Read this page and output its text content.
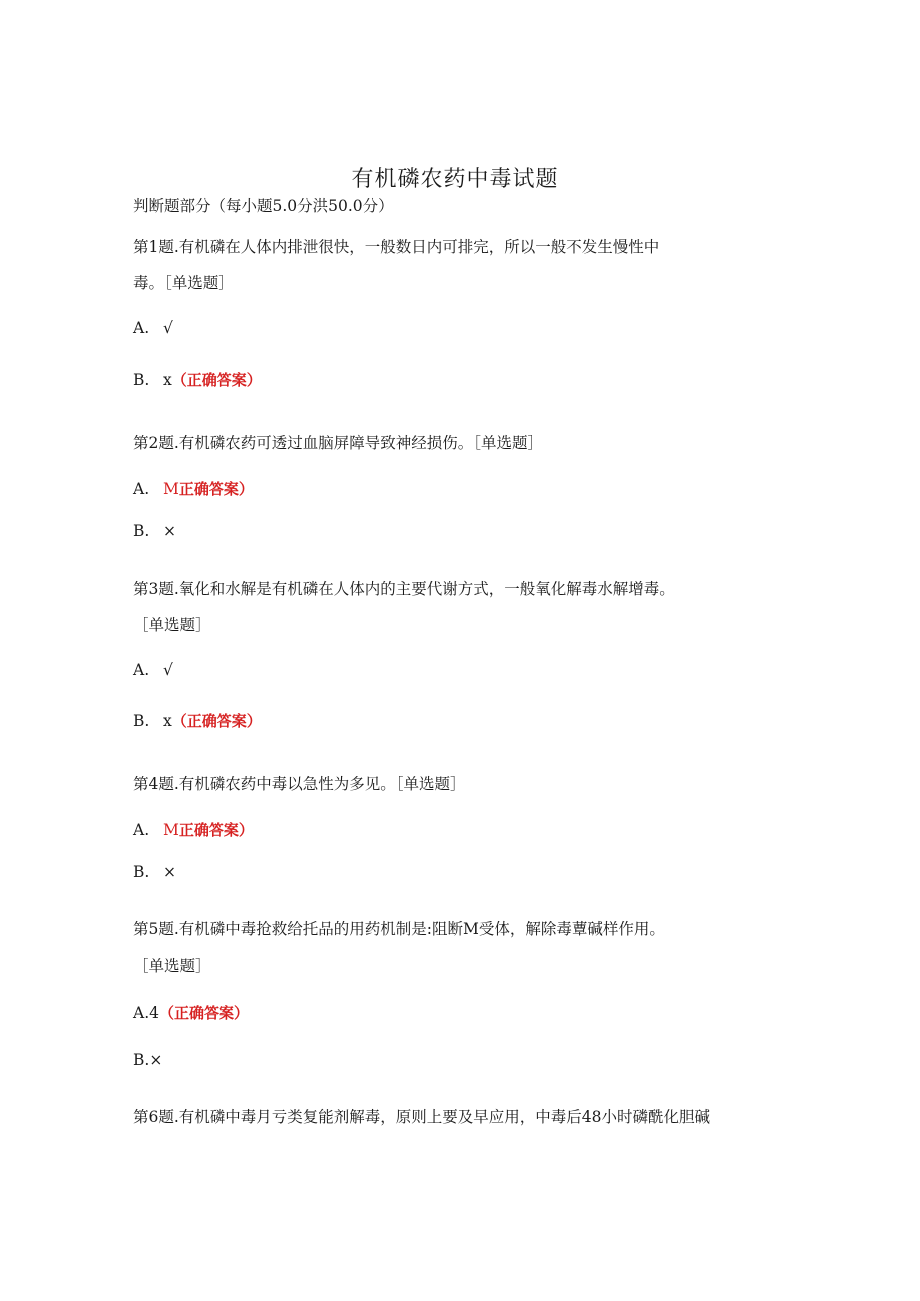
有机磷农药中毒试题
判断题部分（每小题5.0分洪50.0分）
第1题.有机磷在人体内排泄很快，一般数日内可排完，所以一般不发生慢性中
毒。［单选题］
A. √
B. x（正确答案）
第2题.有机磷农药可透过血脑屏障导致神经损伤。［单选题］
A. M正确答案）
B. ×
第3题.氧化和水解是有机磷在人体内的主要代谢方式，一般氧化解毒水解增毒。
［单选题］
A. √
B. x（正确答案）
第4题.有机磷农药中毒以急性为多见。［单选题］
A. M正确答案）
B. ×
第5题.有机磷中毒抢救给托品的用药机制是:阻断M受体，解除毒蕈碱样作用。
［单选题］
A.4（正确答案）
B.×
第6题.有机磷中毒月亏类复能剂解毒，原则上要及早应用，中毒后48小时磷酰化胆碱
